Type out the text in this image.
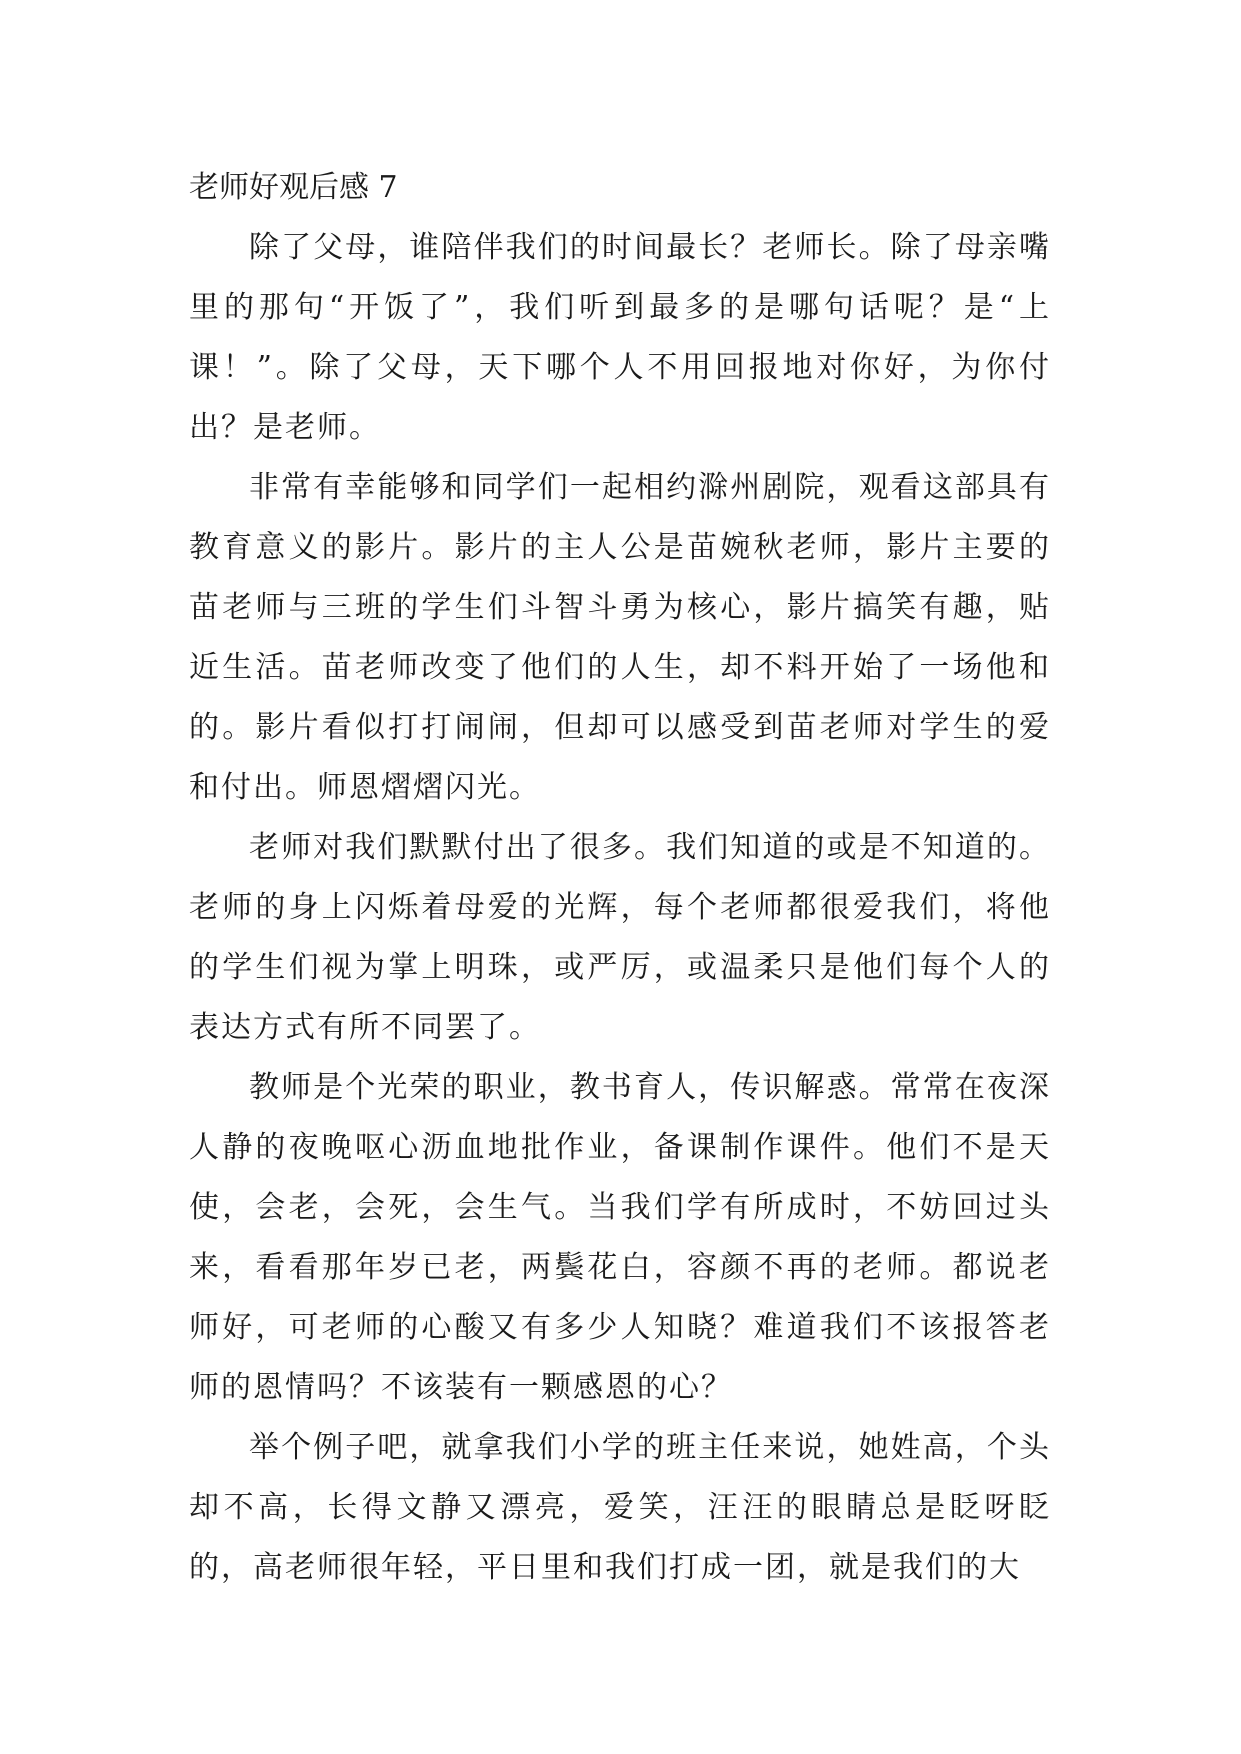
老师好观后感 7

除了父母，谁陪伴我们的时间最长？老师长。除了母亲嘴里的那句“开饭了”，我们听到最多的是哪句话呢？是“上课！”。除了父母，天下哪个人不用回报地对你好，为你付出？是老师。

非常有幸能够和同学们一起相约滁州剧院，观看这部具有教育意义的影片。影片的主人公是苗婉秋老师，影片主要的苗老师与三班的学生们斗智斗勇为核心，影片搞笑有趣，贴近生活。苗老师改变了他们的人生，却不料开始了一场他和的。影片看似打打闹闹，但却可以感受到苗老师对学生的爱和付出。师恩熠熠闪光。

老师对我们默默付出了很多。我们知道的或是不知道的。老师的身上闪烁着母爱的光辉，每个老师都很爱我们，将他的学生们视为掌上明珠，或严厉，或温柔只是他们每个人的表达方式有所不同罢了。

教师是个光荣的职业，教书育人，传识解惑。常常在夜深人静的夜晚呕心沥血地批作业，备课制作课件。他们不是天使，会老，会死，会生气。当我们学有所成时，不妨回过头来，看看那年岁已老，两鬓花白，容颜不再的老师。都说老师好，可老师的心酸又有多少人知晓？难道我们不该报答老师的恩情吗？不该装有一颗感恩的心？

举个例子吧，就拿我们小学的班主任来说，她姓高，个头却不高，长得文静又漂亮，爱笑，汪汪的眼睛总是眨呀眨的，高老师很年轻，平日里和我们打成一团，就是我们的大
